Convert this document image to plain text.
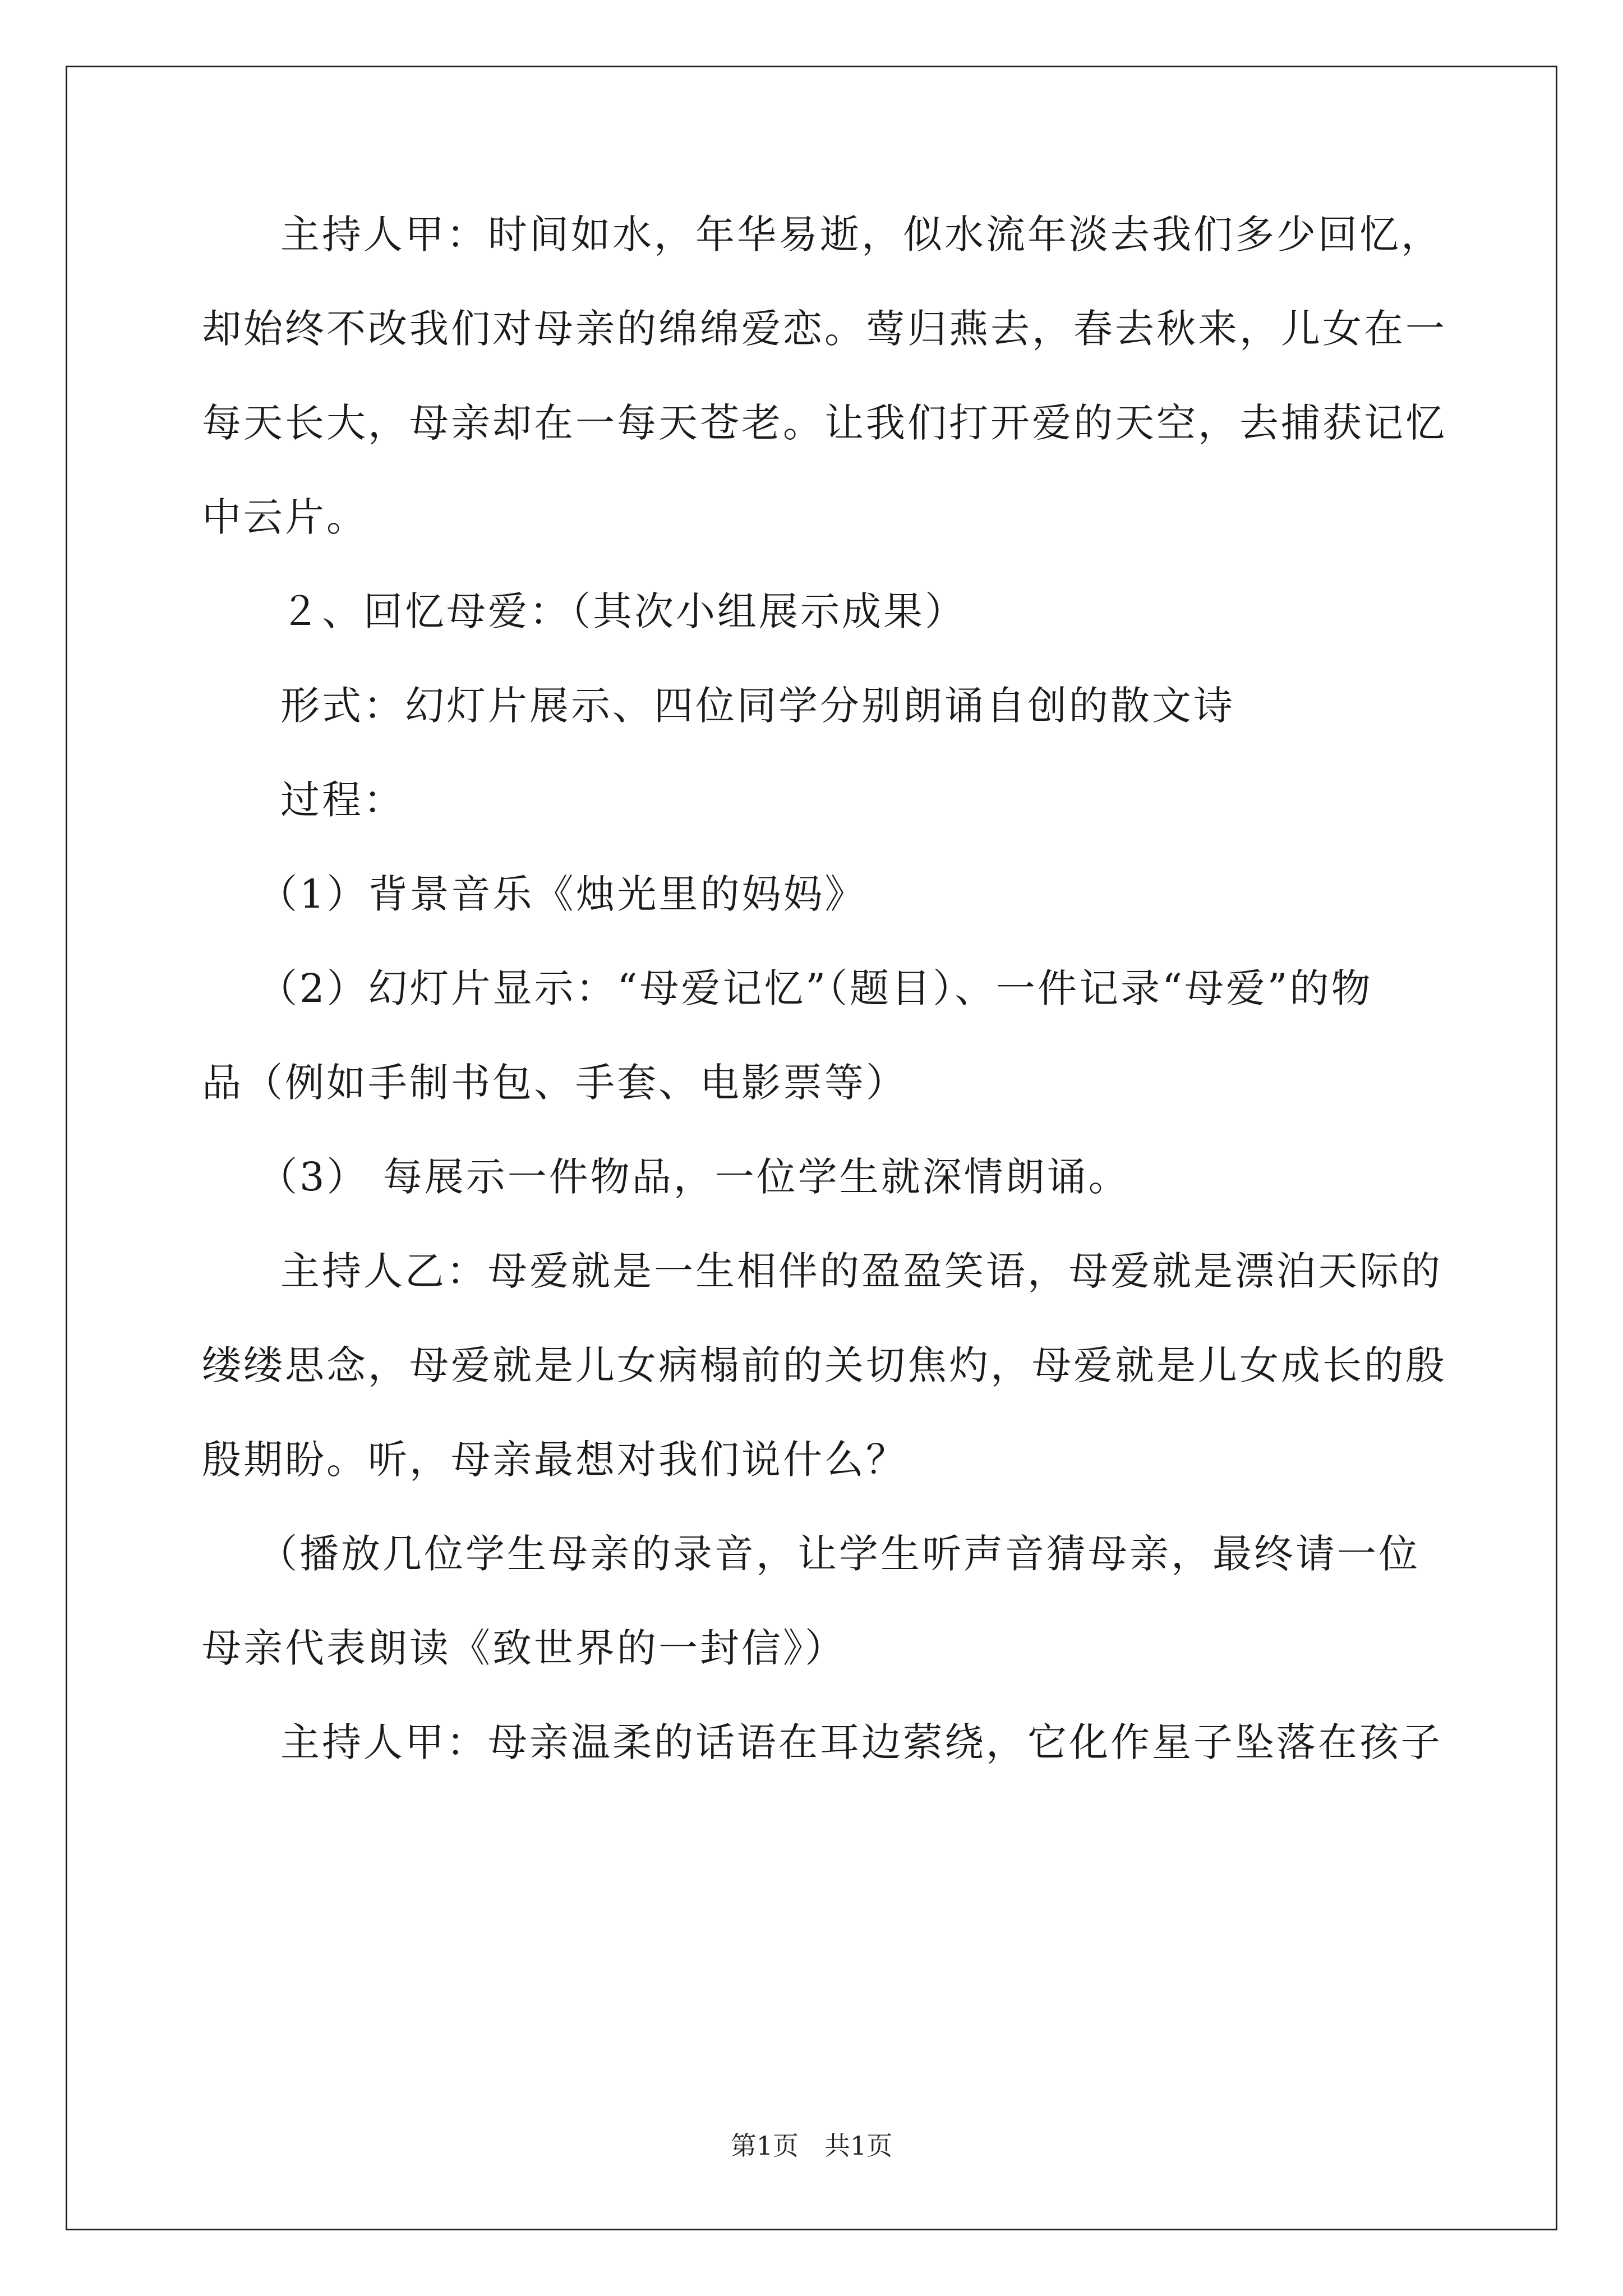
主持人甲：时间如水，年华易逝，似水流年淡去我们多少回忆，
却始终不改我们对母亲的绵绵爱恋。莺归燕去，春去秋来，儿女在一
每天长大，母亲却在一每天苍老。让我们打开爱的天空，去捕获记忆
中云片。
２、回忆母爱：（其次小组展示成果）
形式：幻灯片展示、四位同学分别朗诵自创的散文诗
过程：
（1）背景音乐《烛光里的妈妈》
（2）幻灯片显示：“母爱记忆”（题目）、一件记录“母爱”的物
品（例如手制书包、手套、电影票等）
（3） 每展示一件物品，一位学生就深情朗诵。
主持人乙：母爱就是一生相伴的盈盈笑语，母爱就是漂泊天际的
缕缕思念，母爱就是儿女病榻前的关切焦灼，母爱就是儿女成长的殷
殷期盼。听，母亲最想对我们说什么？
（播放几位学生母亲的录音，让学生听声音猜母亲，最终请一位
母亲代表朗读《致世界的一封信》）
主持人甲：母亲温柔的话语在耳边萦绕，它化作星子坠落在孩子
第1页　共1页
